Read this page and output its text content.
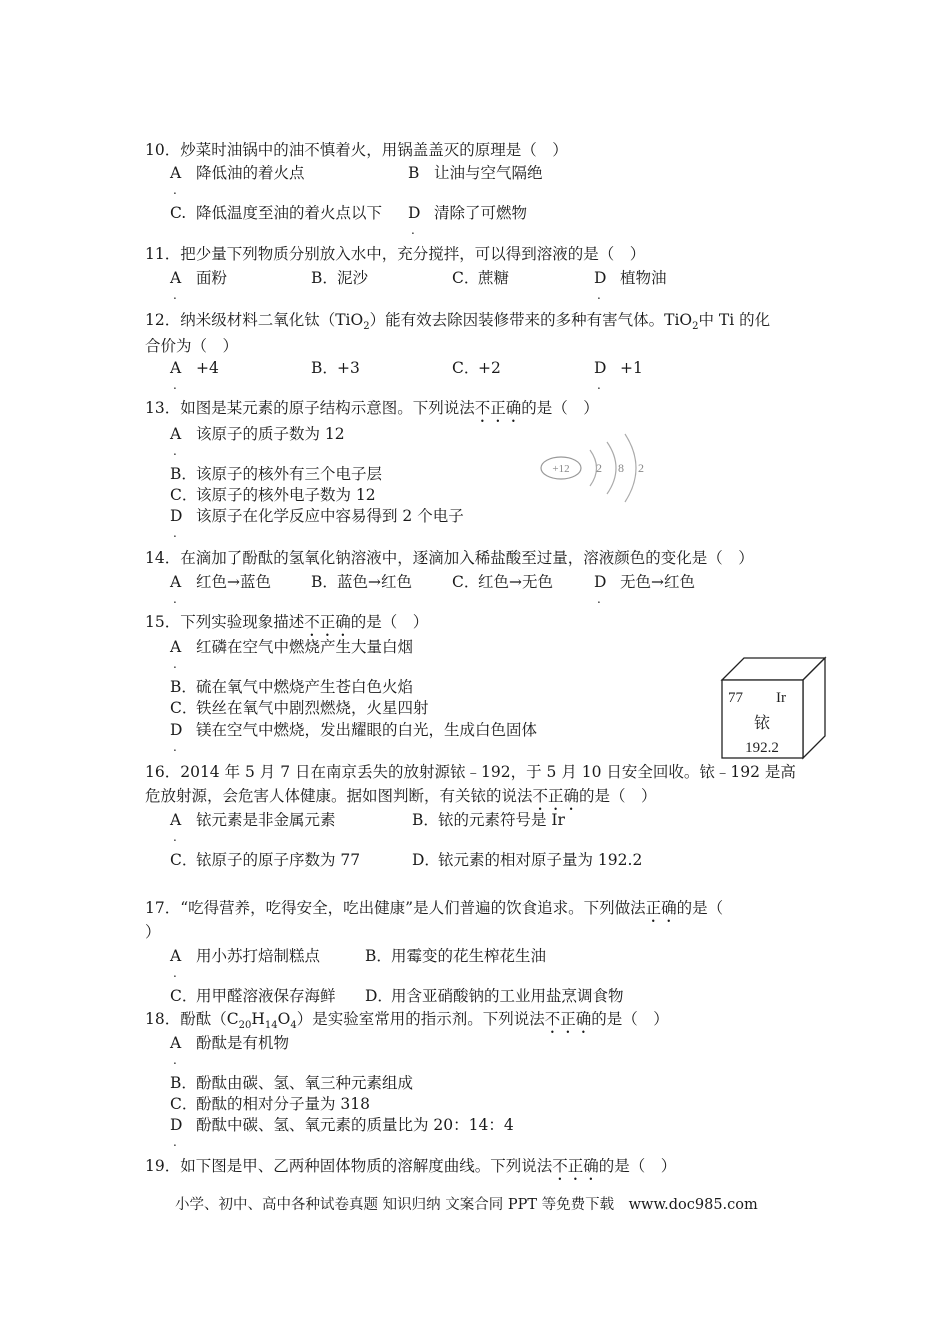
10．炒菜时油锅中的油不慎着火，用锅盖盖灭的原理是（　）
A 降低油的着火点
.
B 让油与空气隔绝
C. 降低温度至油的着火点以下 D 清除了可燃物
.
11．把少量下列物质分别放入水中，充分搅拌，可以得到溶液的是（　）
A 面粉
.
B．泥沙	C．蔗糖	D 植物油
.
12．纳米级材料二氧化钛（TiO$_2$）能有效去除因装修带来的多种有害气体。TiO$_2$中 Ti 的化
合价为（　）
A +4
.
B．+3	C．+2	D +1
.
13．如图是某元素的原子结构示意图。下列说法不正确的是（　）
A 该原子的质子数为 12
.
B．该原子的核外有三个电子层
C．该原子的核外电子数为 12
D 该原子在化学反应中容易得到 2 个电子
.
+12 2 8 2
14．在滴加了酚酞的氢氧化钠溶液中，逐滴加入稀盐酸至过量，溶液颜色的变化是（　）
A 红色→蓝色
.
B．蓝色→红色	C．红色→无色	D 无色→红色
.
15．下列实验现象描述不正确的是（　）
A 红磷在空气中燃烧产生大量白烟
.
B．硫在氧气中燃烧产生苍白色火焰
C．铁丝在氧气中剧烈燃烧，火星四射
D 镁在空气中燃烧，发出耀眼的白光，生成白色固体
.
77 Ir
铱
192.2
16．2014 年 5 月 7 日在南京丢失的放射源铱﹣192，于 5 月 10 日安全回收。铱﹣192 是高
危放射源，会危害人体健康。据如图判断，有关铱的说法不正确的是（　）
A 铱元素是非金属元素
.
B．铱的元素符号是 Ir
C．铱原子的原子序数为 77	D．铱元素的相对原子量为 192.2
17．“吃得营养，吃得安全，吃出健康”是人们普遍的饮食追求。下列做法正确的是（
）
A 用小苏打焙制糕点
.
B．用霉变的花生榨花生油
C．用甲醛溶液保存海鲜 D．用含亚硝酸钠的工业用盐烹调食物
18．酚酞$(C_{20}H_{14}O_4)$是实验室常用的指示剂。下列说法不正确的是（　）
A 酚酞是有机物
.
B．酚酞由碳、氢、氧三种元素组成
C．酚酞的相对分子量为 318
D 酚酞中碳、氢、氧元素的质量比为 20：14：4
.
19．如下图是甲、乙两种固体物质的溶解度曲线。下列说法不正确的是（　）
小学、初中、高中各种试卷真题 知识归纳 文案合同 PPT 等免费下载　www.doc985.com
